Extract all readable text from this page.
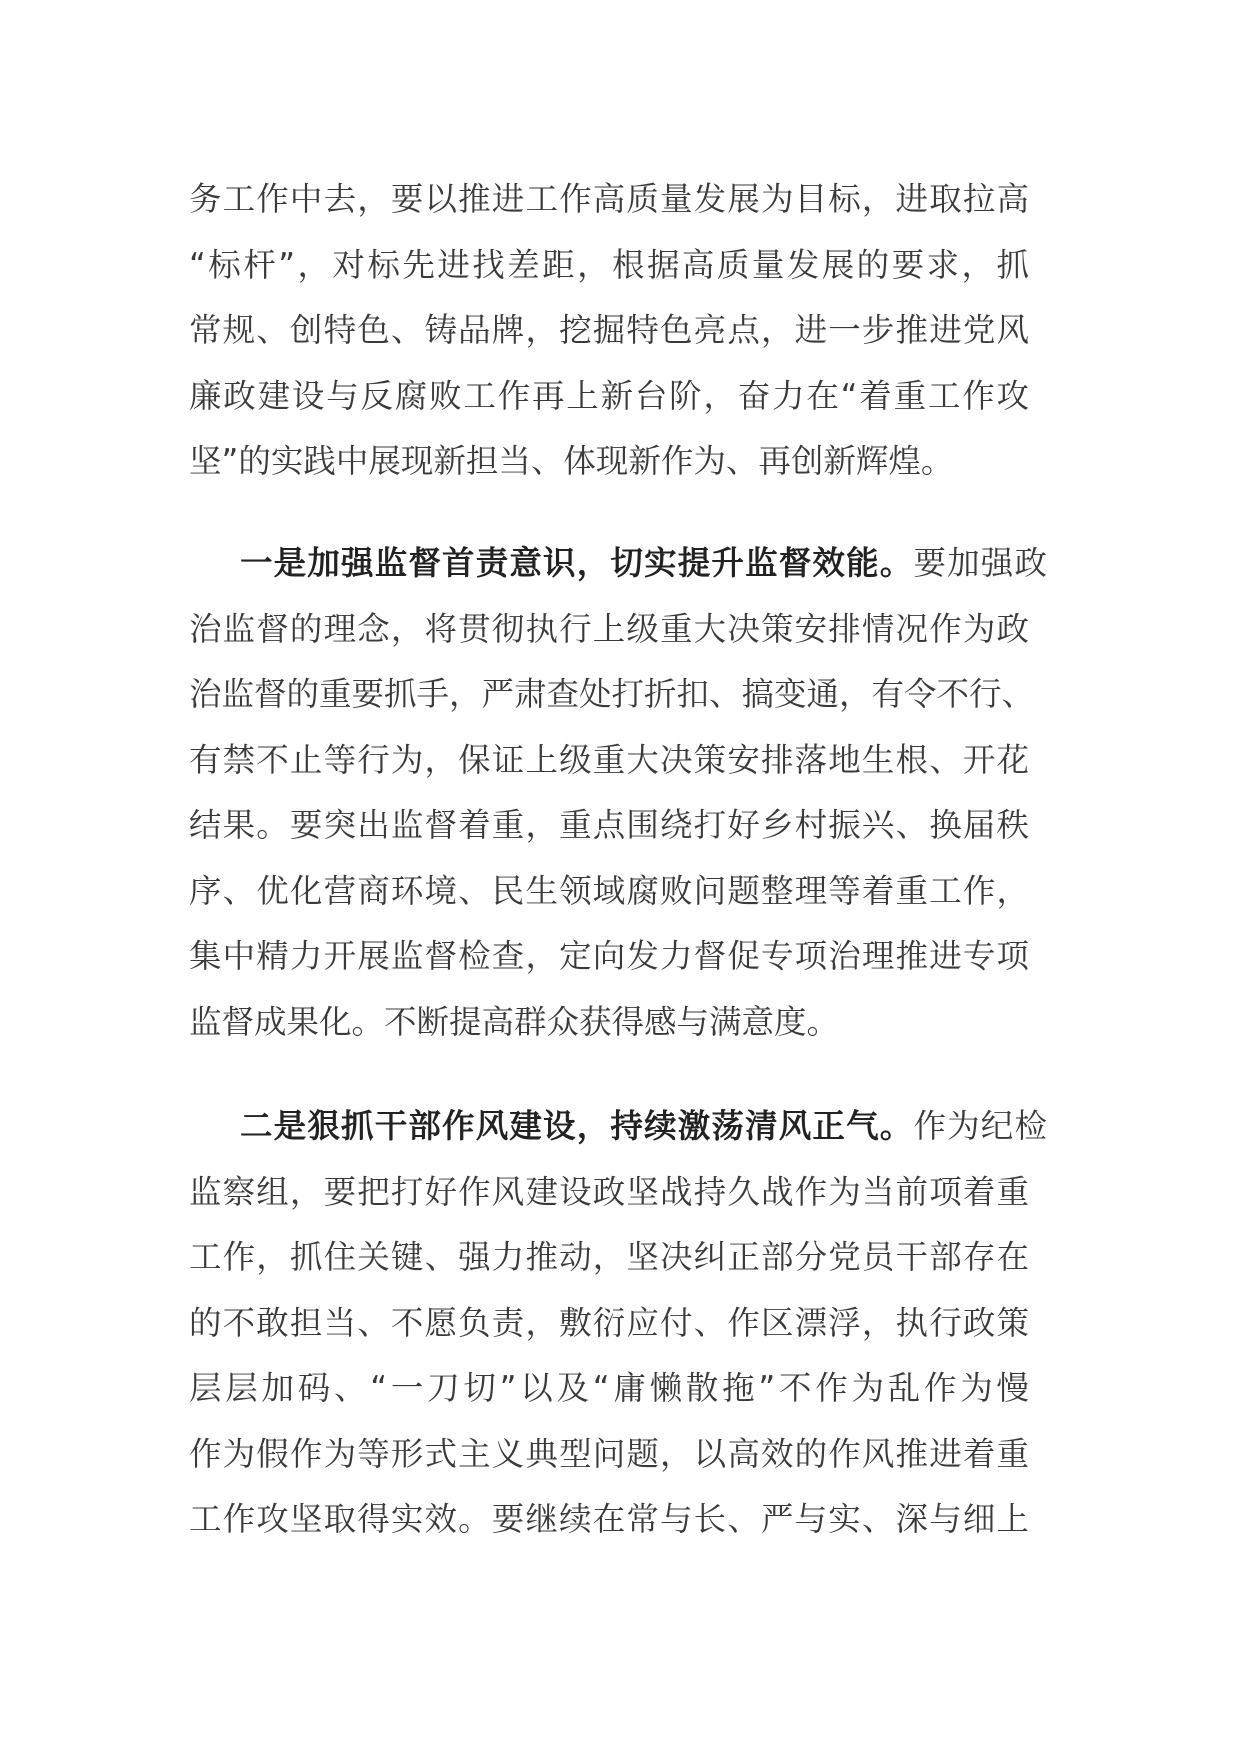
务工作中去，要以推进工作高质量发展为目标，进取拉高
“标杆”，对标先进找差距，根据高质量发展的要求，抓
常规、创特色、铸品牌，挖掘特色亮点，进一步推进党风
廉政建设与反腐败工作再上新台阶，奋力在“着重工作攻
坚”的实践中展现新担当、体现新作为、再创新辉煌。
一是加强监督首责意识，切实提升监督效能。要加强政
治监督的理念，将贯彻执行上级重大决策安排情况作为政
治监督的重要抓手，严肃查处打折扣、搞变通，有令不行、
有禁不止等行为，保证上级重大决策安排落地生根、开花
结果。要突出监督着重，重点围绕打好乡村振兴、换届秩
序、优化营商环境、民生领域腐败问题整理等着重工作，
集中精力开展监督检查，定向发力督促专项治理推进专项
监督成果化。不断提高群众获得感与满意度。
二是狠抓干部作风建设，持续激荡清风正气。作为纪检
监察组，要把打好作风建设政坚战持久战作为当前项着重
工作，抓住关键、强力推动，坚决纠正部分党员干部存在
的不敢担当、不愿负责，敷衍应付、作区漂浮，执行政策
层层加码、“一刀切”以及“庸懒散拖”不作为乱作为慢
作为假作为等形式主义典型问题，以高效的作风推进着重
工作攻坚取得实效。要继续在常与长、严与实、深与细上
